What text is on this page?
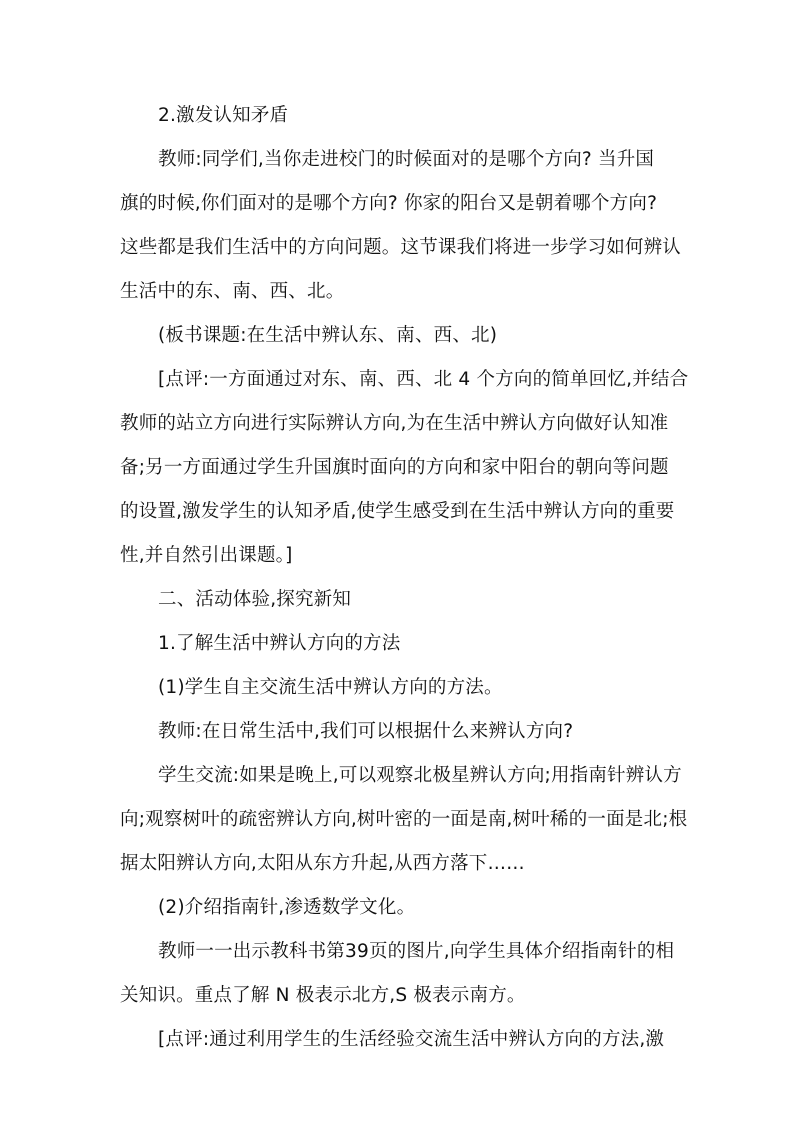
2.激发认知矛盾
教师:同学们,当你走进校门的时候面对的是哪个方向? 当升国
旗的时候,你们面对的是哪个方向? 你家的阳台又是朝着哪个方向?
这些都是我们生活中的方向问题。这节课我们将进一步学习如何辨认
生活中的东、南、西、北。
(板书课题:在生活中辨认东、南、西、北)
[点评:一方面通过对东、南、西、北 4 个方向的简单回忆,并结合
教师的站立方向进行实际辨认方向,为在生活中辨认方向做好认知准
备;另一方面通过学生升国旗时面向的方向和家中阳台的朝向等问题
的设置,激发学生的认知矛盾,使学生感受到在生活中辨认方向的重要
性,并自然引出课题。]
二、活动体验,探究新知
1.了解生活中辨认方向的方法
(1)学生自主交流生活中辨认方向的方法。
教师:在日常生活中,我们可以根据什么来辨认方向?
学生交流:如果是晚上,可以观察北极星辨认方向;用指南针辨认方
向;观察树叶的疏密辨认方向,树叶密的一面是南,树叶稀的一面是北;根
据太阳辨认方向,太阳从东方升起,从西方落下……
(2)介绍指南针,渗透数学文化。
教师一一出示教科书第39页的图片,向学生具体介绍指南针的相
关知识。重点了解 N 极表示北方,S 极表示南方。
[点评:通过利用学生的生活经验交流生活中辨认方向的方法,激
